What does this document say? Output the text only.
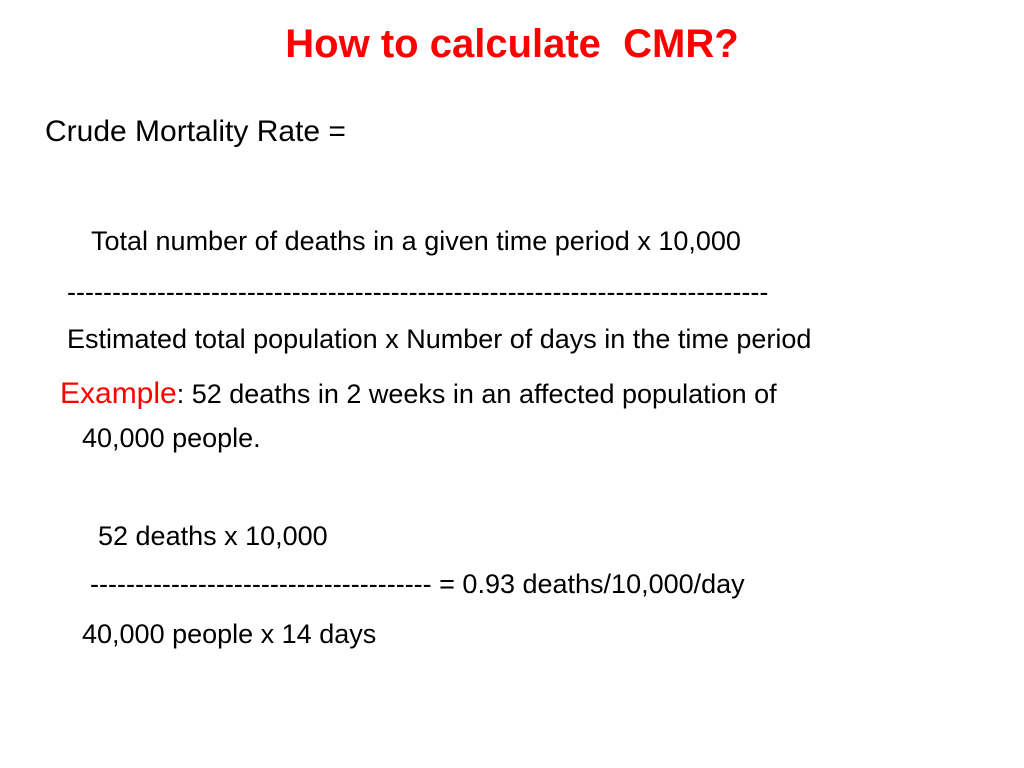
How to calculate  CMR?
Crude Mortality Rate =
Total number of deaths in a given time period x 10,000
------------------------------------------------------------------------------
Estimated total population x Number of days in the time period
Example: 52 deaths in 2 weeks in an affected population of
40,000 people.
52 deaths x 10,000
-------------------------------------- = 0.93 deaths/10,000/day
40,000 people x 14 days
